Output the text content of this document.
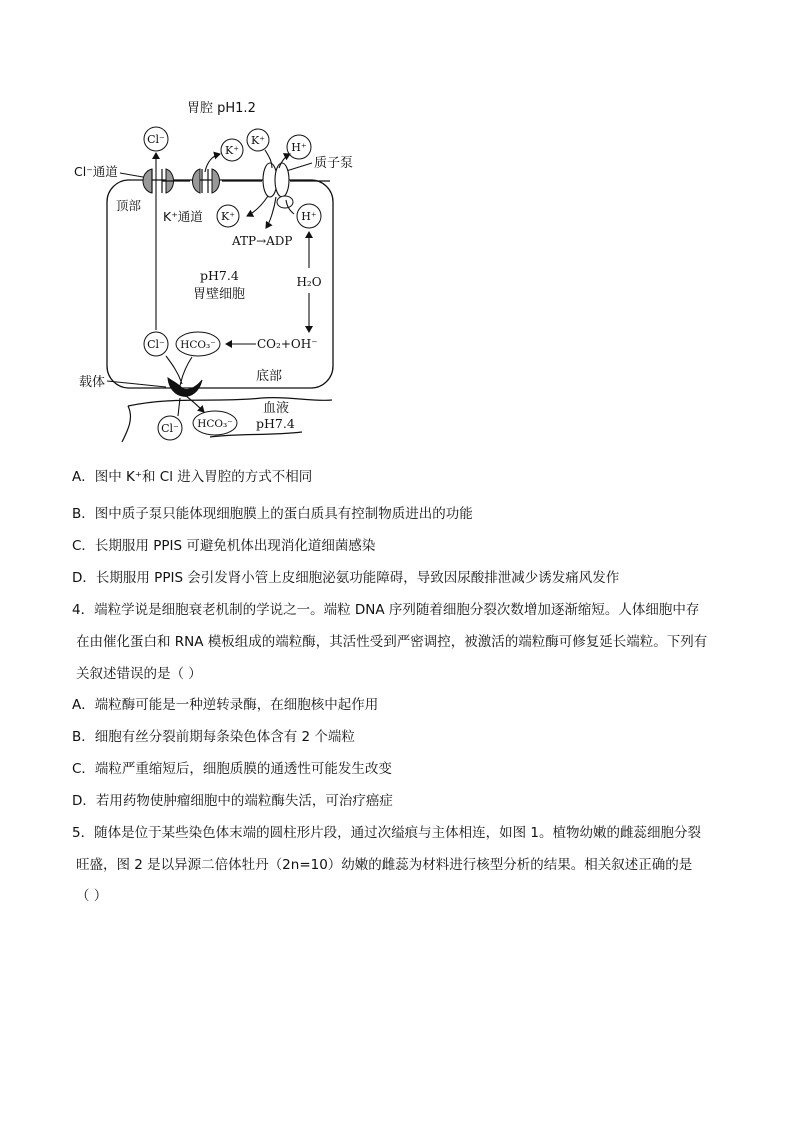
胃腔 pH1.2
Cl⁻通道
顶部
K⁺通道
质子泵
Cl⁻
K⁺
K⁺
H⁺
K⁺	H⁺
ATP→ADP
pH7.4
胃壁细胞
H₂O
Cl⁻ HCO₃⁻	CO₂+OH⁻
载体	底部
Cl⁻ HCO₃⁻
血液
pH7.4
A．图中 K⁺和 Cl 进入胃腔的方式不相同
B．图中质子泵只能体现细胞膜上的蛋白质具有控制物质进出的功能
C．长期服用 PPIS 可避免机体出现消化道细菌感染
D．长期服用 PPIS 会引发肾小管上皮细胞泌氨功能障碍，导致因尿酸排泄减少诱发痛风发作
4．端粒学说是细胞衰老机制的学说之一。端粒 DNA 序列随着细胞分裂次数增加逐渐缩短。人体细胞中存
在由催化蛋白和 RNA 模板组成的端粒酶，其活性受到严密调控，被激活的端粒酶可修复延长端粒。下列有
关叙述错误的是（ ）
A．端粒酶可能是一种逆转录酶，在细胞核中起作用
B．细胞有丝分裂前期每条染色体含有 2 个端粒
C．端粒严重缩短后，细胞质膜的通透性可能发生改变
D．若用药物使肿瘤细胞中的端粒酶失活，可治疗癌症
5．随体是位于某些染色体末端的圆柱形片段，通过次缢痕与主体相连，如图 1。植物幼嫩的雌蕊细胞分裂
旺盛，图 2 是以异源二倍体牡丹（2n=10）幼嫩的雌蕊为材料进行核型分析的结果。相关叙述正确的是
（ ）
